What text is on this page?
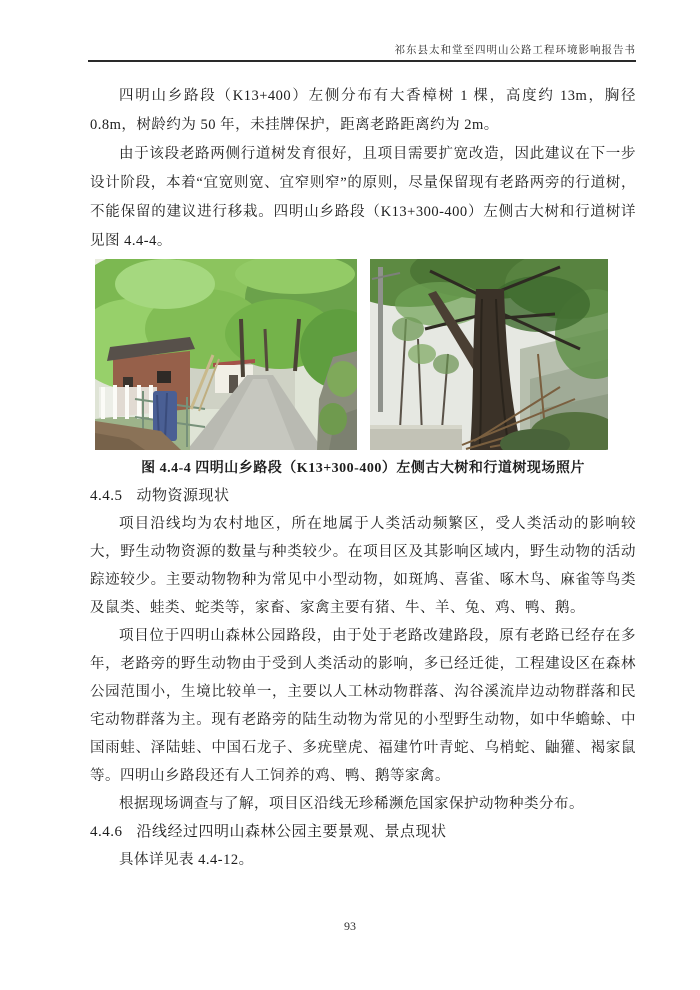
祁东县太和堂至四明山公路工程环境影响报告书

四明山乡路段（K13+400）左侧分布有大香樟树 1 棵，高度约 13m，胸径 0.8m，树龄约为 50 年，未挂牌保护，距离老路距离约为 2m。

由于该段老路两侧行道树发育很好，且项目需要扩宽改造，因此建议在下一步设计阶段，本着“宜宽则宽、宜窄则窄”的原则，尽量保留现有老路两旁的行道树，不能保留的建议进行移栽。四明山乡路段（K13+300-400）左侧古大树和行道树详见图 4.4-4。

图 4.4-4 四明山乡路段（K13+300-400）左侧古大树和行道树现场照片

4.4.5 动物资源现状

项目沿线均为农村地区，所在地属于人类活动频繁区，受人类活动的影响较大，野生动物资源的数量与种类较少。在项目区及其影响区域内，野生动物的活动踪迹较少。主要动物物种为常见中小型动物，如斑鸠、喜雀、啄木鸟、麻雀等鸟类及鼠类、蛙类、蛇类等，家畜、家禽主要有猪、牛、羊、兔、鸡、鸭、鹅。

项目位于四明山森林公园路段，由于处于老路改建路段，原有老路已经存在多年，老路旁的野生动物由于受到人类活动的影响，多已经迁徙，工程建设区在森林公园范围小，生境比较单一，主要以人工林动物群落、沟谷溪流岸边动物群落和民宅动物群落为主。现有老路旁的陆生动物为常见的小型野生动物，如中华蟾蜍、中国雨蛙、泽陆蛙、中国石龙子、多疣壁虎、福建竹叶青蛇、乌梢蛇、鼬獾、褐家鼠等。四明山乡路段还有人工饲养的鸡、鸭、鹅等家禽。

根据现场调查与了解，项目区沿线无珍稀濒危国家保护动物种类分布。

4.4.6 沿线经过四明山森林公园主要景观、景点现状

具体详见表 4.4-12。

93
